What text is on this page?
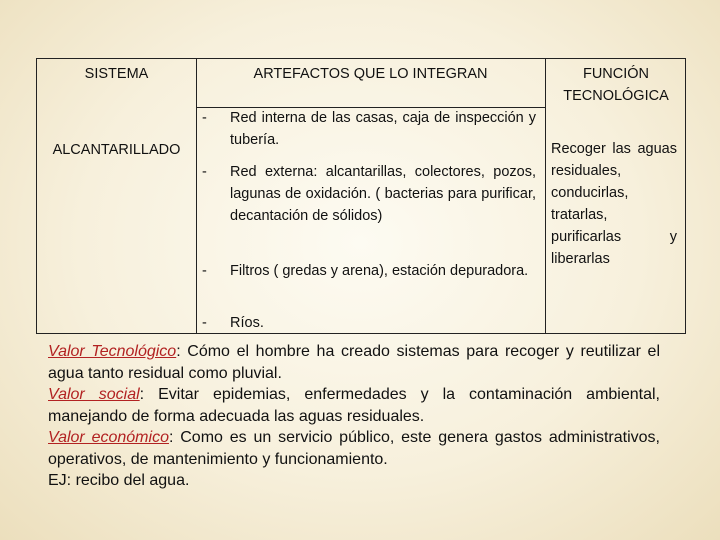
SISTEMA	ARTEFACTOS QUE LO INTEGRAN	FUNCIÓN TECNOLÓGICA
ALCANTARILLADO
- Red interna de las casas, caja de inspección y tubería.
- Red externa: alcantarillas, colectores, pozos, lagunas de oxidación. ( bacterias para purificar, decantación de sólidos)
- Filtros ( gredas y arena), estación depuradora.
- Ríos.
Recoger las aguas residuales, conducirlas, tratarlas, purificarlas y liberarlas

Valor Tecnológico: Cómo el hombre ha creado sistemas para recoger y reutilizar el agua tanto residual como pluvial.

Valor social: Evitar epidemias, enfermedades y la contaminación ambiental, manejando de forma adecuada las aguas residuales.

Valor económico: Como es un servicio público, este genera gastos administrativos, operativos, de mantenimiento y funcionamiento.

EJ: recibo del agua.
